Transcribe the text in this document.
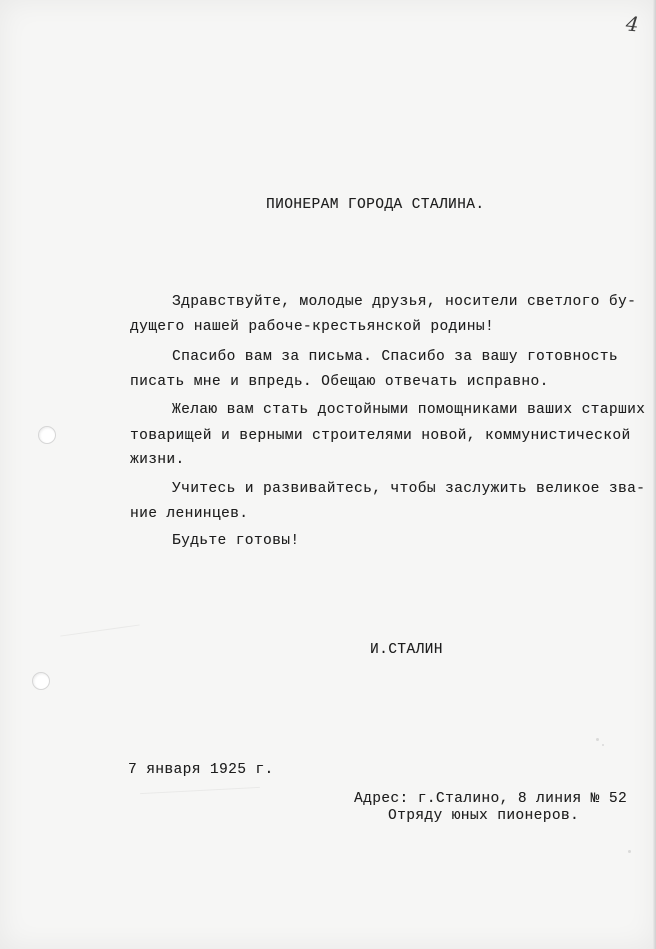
4
ПИОНЕРАМ ГОРОДА СТАЛИНА.
Здравствуйте, молодые друзья, носители светлого бу-
дущего нашей рабоче-крестьянской родины!
Спасибо вам за письма. Спасибо за вашу готовность
писать мне и впредь. Обещаю отвечать исправно.
Желаю вам стать достойными помощниками ваших старших
товарищей и верными строителями новой, коммунистической
жизни.
Учитесь и развивайтесь, чтобы заслужить великое зва-
ние ленинцев.
Будьте готовы!
И.СТАЛИН
7 января 1925 г.
Адрес: г.Сталино, 8 линия № 52
Отряду юных пионеров.
